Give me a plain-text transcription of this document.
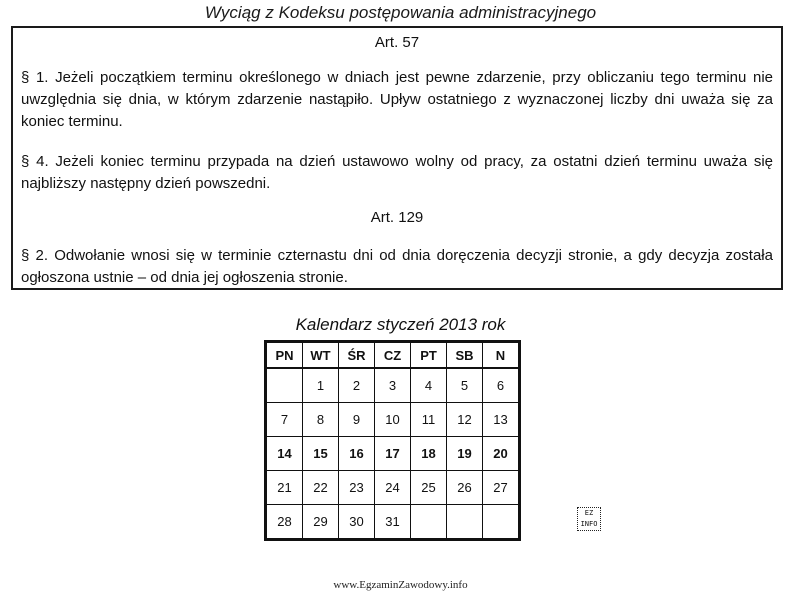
Wyciąg z Kodeksu postępowania administracyjnego
Art. 57
§ 1. Jeżeli początkiem terminu określonego w dniach jest pewne zdarzenie, przy obliczaniu tego terminu nie uwzględnia się dnia, w którym zdarzenie nastąpiło. Upływ ostatniego z wyznaczonej liczby dni uważa się za koniec terminu.
§ 4. Jeżeli koniec terminu przypada na dzień ustawowo wolny od pracy, za ostatni dzień terminu uważa się najbliższy następny dzień powszedni.
Art. 129
§ 2. Odwołanie wnosi się w terminie czternastu dni od dnia doręczenia decyzji stronie, a gdy decyzja została ogłoszona ustnie – od dnia jej ogłoszenia stronie.
Kalendarz styczeń 2013 rok
PN	WT	ŚR	CZ	PT	SB	N
	1	2	3	4	5	6
7	8	9	10	11	12	13
14	15	16	17	18	19	20
21	22	23	24	25	26	27
28	29	30	31			
EZ INFO
www.EgzaminZawodowy.info
